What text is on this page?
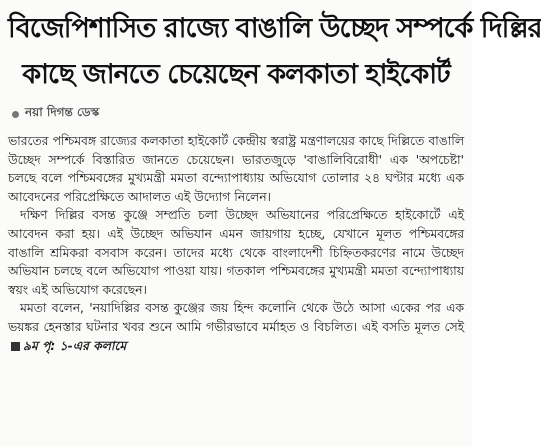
বিজেপিশাসিত রাজ্যে বাঙালি উচ্ছেদ সম্পর্কে দিল্লির
কাছে জানতে চেয়েছেন কলকাতা হাইকোর্ট
নয়া দিগন্ত ডেস্ক

ভারতের পশ্চিমবঙ্গ রাজ্যের কলকাতা হাইকোর্ট কেন্দ্রীয় স্বরাষ্ট্র মন্ত্রণালয়ের কাছে দিল্লিতে বাঙালি উচ্ছেদ সম্পর্কে বিস্তারিত জানতে চেয়েছেন। ভারতজুড়ে 'বাঙালিবিরোধী' এক 'অপচেষ্টা' চলছে বলে পশ্চিমবঙ্গের মুখ্যমন্ত্রী মমতা বন্দ্যোপাধ্যায় অভিযোগ তোলার ২৪ ঘণ্টার মধ্যে এক আবেদনের পরিপ্রেক্ষিতে আদালত এই উদ্যোগ নিলেন।

দক্ষিণ দিল্লির বসন্ত কুঞ্জে সম্প্রতি চলা উচ্ছেদ অভিযানের পরিপ্রেক্ষিতে হাইকোর্টে এই আবেদন করা হয়। এই উচ্ছেদ অভিযান এমন জায়গায় হচ্ছে, যেখানে মূলত পশ্চিমবঙ্গের বাঙালি শ্রমিকরা বসবাস করেন। তাদের মধ্যে থেকে বাংলাদেশী চিহ্নিতকরণের নামে উচ্ছেদ অভিযান চলছে বলে অভিযোগ পাওয়া যায়। গতকাল পশ্চিমবঙ্গের মুখ্যমন্ত্রী মমতা বন্দ্যোপাধ্যায় স্বয়ং এই অভিযোগ করেছেন।

মমতা বলেন, 'নয়াদিল্লির বসন্ত কুঞ্জের জয় হিন্দ কলোনি থেকে উঠে আসা একের পর এক ভয়ঙ্কর হেনস্তার ঘটনার খবর শুনে আমি গভীরভাবে মর্মাহত ও বিচলিত। এই বসতি মূলত সেই ৯ম পৃ: ১-এর কলামে
